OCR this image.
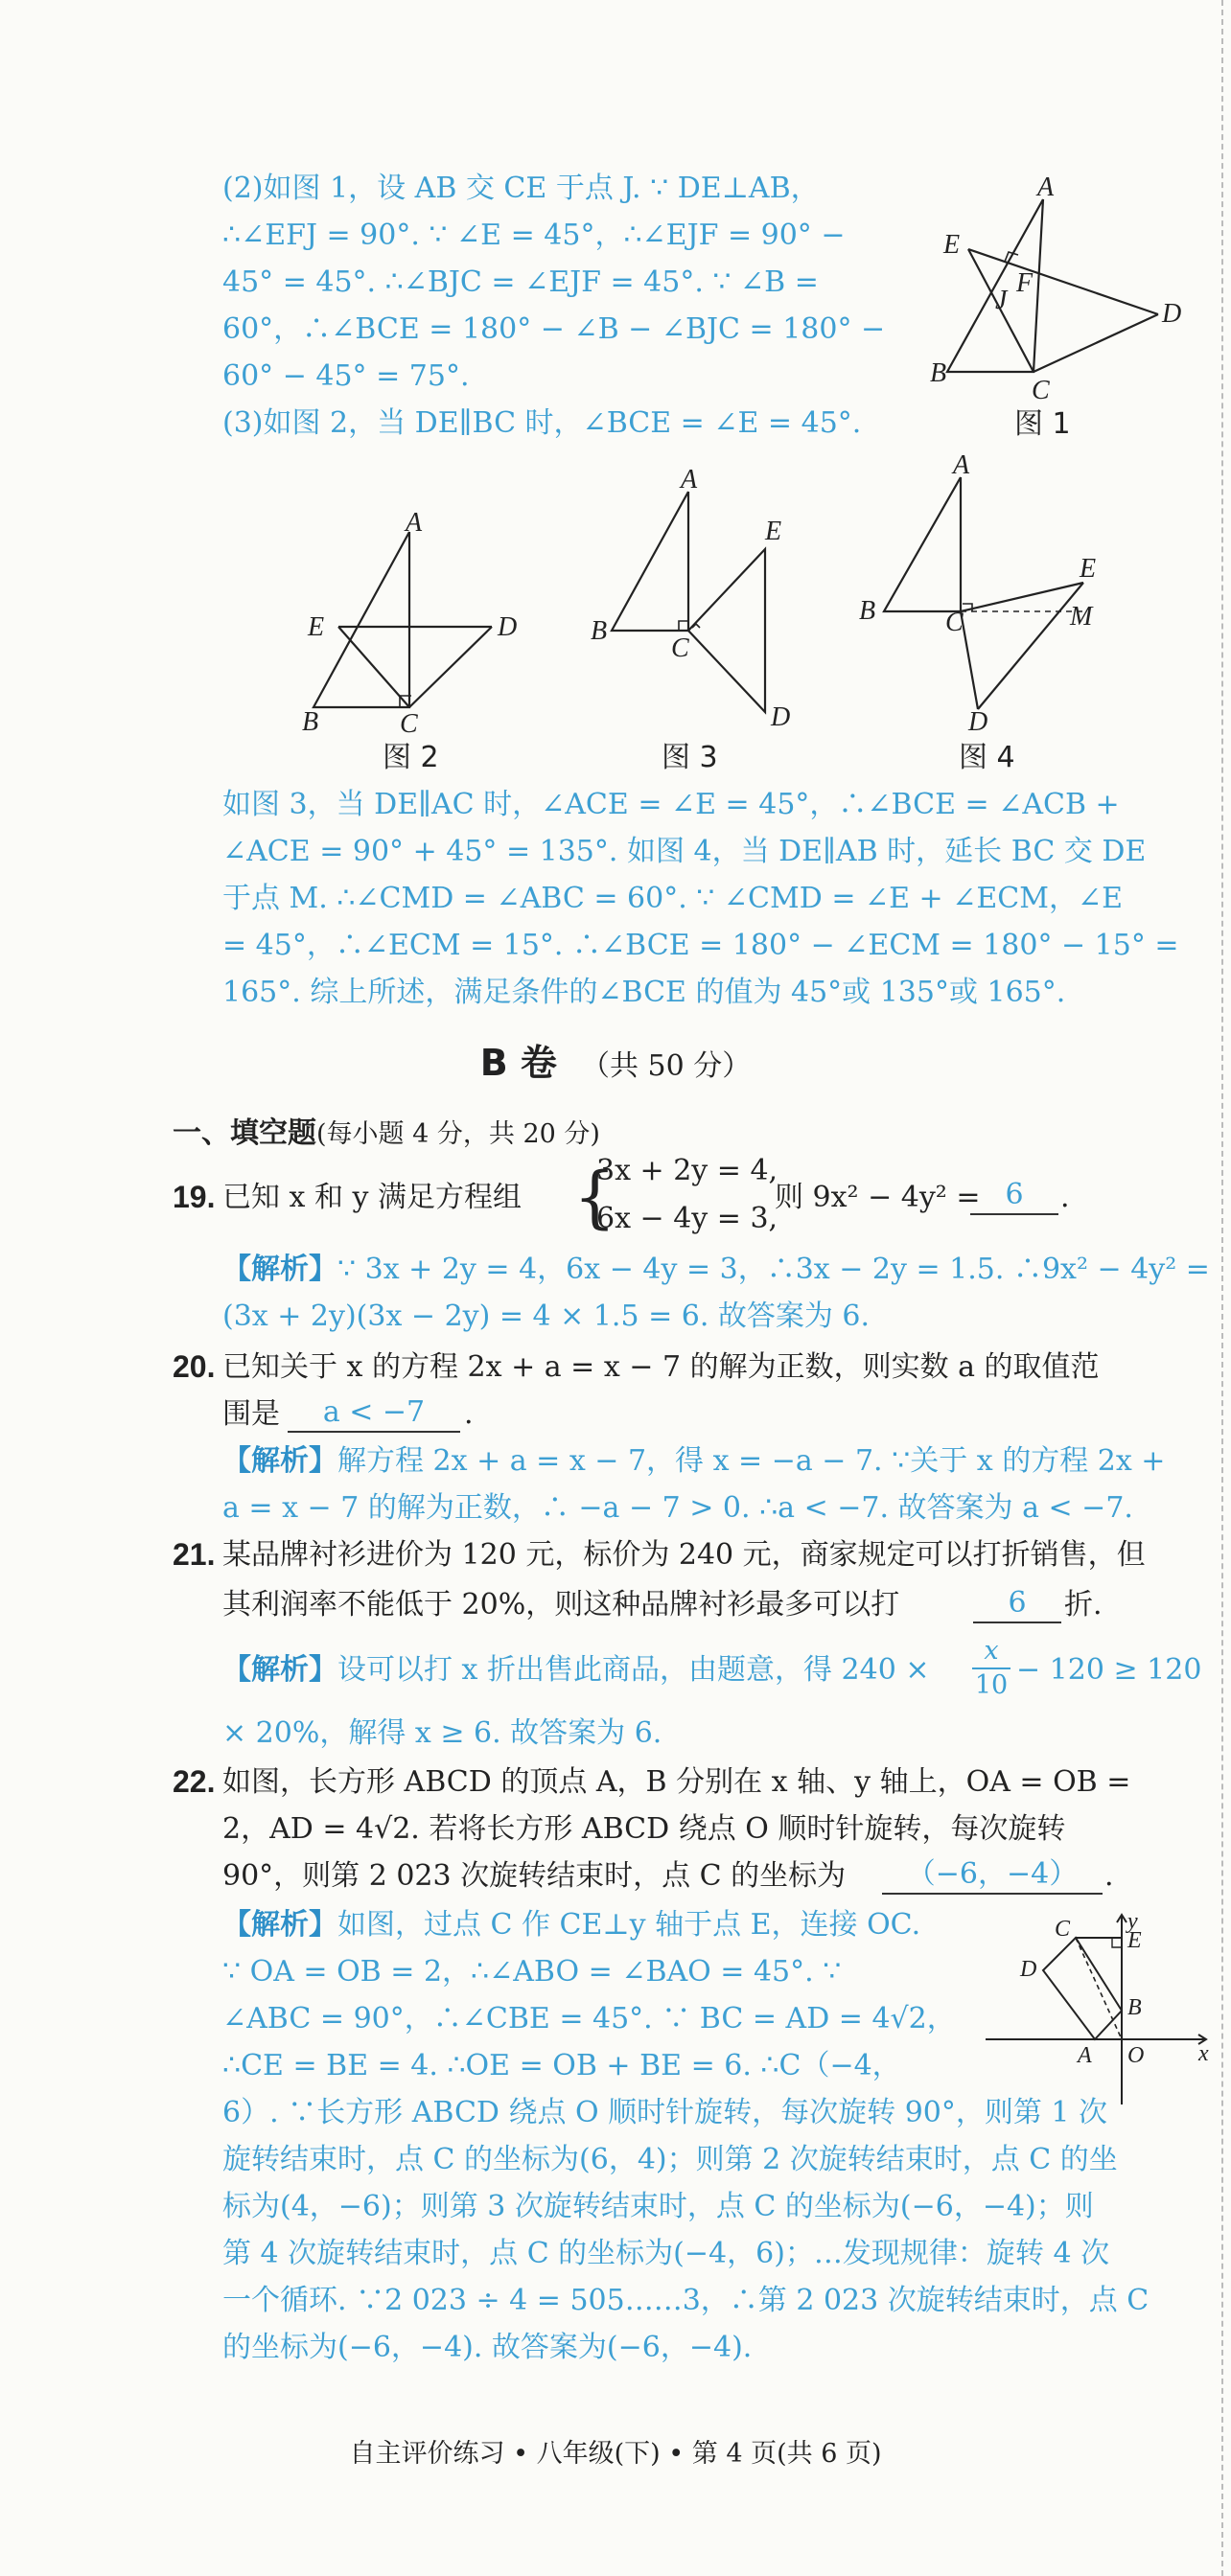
(2)如图 1，设 AB 交 CE 于点 J. ∵ DE⊥AB，

∴∠EFJ = 90°. ∵ ∠E = 45°，∴∠EJF = 90° −

45° = 45°. ∴∠BJC = ∠EJF = 45°. ∵ ∠B =

60°，∴∠BCE = 180° − ∠B − ∠BJC = 180° −

60° − 45° = 75°.

(3)如图 2，当 DE∥BC 时，∠BCE = ∠E = 45°.

A
E
F
J	D
B
C
图 1
A
E	D
B	C
图 2
A
E
B
C
D
图 3
A
E
B	C	M
D
图 4

如图 3，当 DE∥AC 时，∠ACE = ∠E = 45°，∴∠BCE = ∠ACB +

∠ACE = 90° + 45° = 135°. 如图 4，当 DE∥AB 时，延长 BC 交 DE

于点 M. ∴∠CMD = ∠ABC = 60°. ∵ ∠CMD = ∠E + ∠ECM，∠E

= 45°，∴∠ECM = 15°. ∴∠BCE = 180° − ∠ECM = 180° − 15° =

165°. 综上所述，满足条件的∠BCE 的值为 45°或 135°或 165°.

B 卷 （共 50 分）

一、填空题(每小题 4 分，共 20 分)

19. 已知 x 和 y 满足方程组 {
3x + 2y = 4,
6x − 4y = 3,
则 9x² − 4y² = 6	.

【解析】∵ 3x + 2y = 4，6x − 4y = 3，∴3x − 2y = 1.5. ∴9x² − 4y² =

(3x + 2y)(3x − 2y) = 4 × 1.5 = 6. 故答案为 6.

20. 已知关于 x 的方程 2x + a = x − 7 的解为正数，则实数 a 的取值范
围是	a < −7	.

【解析】解方程 2x + a = x − 7，得 x = −a − 7. ∵关于 x 的方程 2x +

a = x − 7 的解为正数，∴ −a − 7 > 0. ∴a < −7. 故答案为 a < −7.

21. 某品牌衬衫进价为 120 元，标价为 240 元，商家规定可以打折销售，但
其利润率不能低于 20%，则这种品牌衬衫最多可以打	6	折.

【解析】设可以打 x 折出售此商品，由题意，得 $240 \times \frac{x}{10} - 120 \ge 120$

× 20%，解得 x ≥ 6. 故答案为 6.

22. 如图，长方形 ABCD 的顶点 A，B 分别在 x 轴、y 轴上，OA = OB =
2，AD = 4√2. 若将长方形 ABCD 绕点 O 顺时针旋转，每次旋转
90°，则第 2 023 次旋转结束时，点 C 的坐标为	（−6，−4） .

【解析】如图，过点 C 作 CE⊥y 轴于点 E，连接 OC.

∵ OA = OB = 2，∴∠ABO = ∠BAO = 45°. ∵

∠ABC = 90°，∴∠CBE = 45°. ∵ BC = AD = 4√2，

∴CE = BE = 4. ∴OE = OB + BE = 6. ∴C（−4，

6）. ∵长方形 ABCD 绕点 O 顺时针旋转，每次旋转 90°，则第 1 次

旋转结束时，点 C 的坐标为(6，4)；则第 2 次旋转结束时，点 C 的坐

标为(4，−6)；则第 3 次旋转结束时，点 C 的坐标为(−6，−4)；则

第 4 次旋转结束时，点 C 的坐标为(−4，6)；…发现规律：旋转 4 次

一个循环. ∵2 023 ÷ 4 = 505……3，∴第 2 023 次旋转结束时，点 C

的坐标为(−6，−4). 故答案为(−6，−4).

y
C E
D
B
A O x
自主评价练习 • 八年级(下) • 第 4 页(共 6 页)
